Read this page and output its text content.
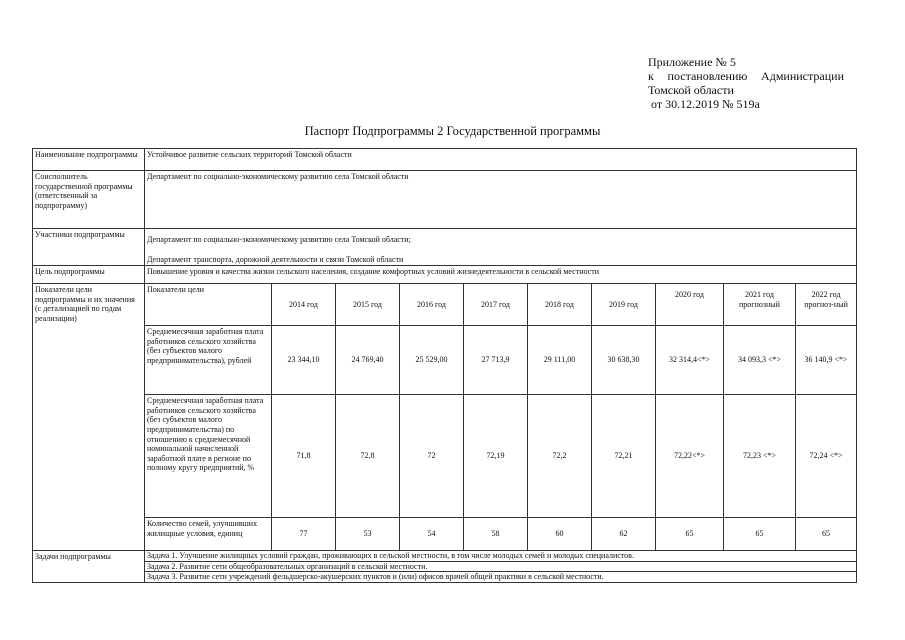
Приложение № 5
к постановлению Администрации
Томской области
от 30.12.2019 № 519а
Паспорт Подпрограммы 2 Государственной программы
Наименование подпрограммы	Устойчивое развитие сельских территорий Томской области									
Соисполнитель государственной программы (ответственный за подпрограмму)	Департамент по социально-экономическому развитию села Томской области									
Участники подпрограммы	Департамент по социально-экономическому развитию села Томской области;
Департамент транспорта, дорожной деятельности и связи Томской области									

Цель подпрограммы	Повышение уровня и качества жизни сельского населения, создание комфортных условий жизнедеятельности в сельской местности									
Показатели цели подпрограммы и их значения (с детализацией по годам реализации)	Показатели цели	2014 год	2015 год	2016 год	2017 год	2018 год	2019 год	2020 год	2021 год прогнозный	2022 год прогноз-ный
	Среднемесячная заработная плата работников сельского хозяйства (без субъектов малого предпринимательства), рублей	23 344,10	24 769,40	25 529,00	27 713,9	29 111,00	30 638,30	32 314,4<*>	34 093,3 <*>	36 140,9 <*>
	Среднемесячная заработная плата работников сельского хозяйства (без субъектов малого предпринимательства) по отношению к среднемесячной номинальной начисленной заработной плате в регионе по полному кругу предприятий, %	71,8	72,8	72	72,19	72,2	72,21	72,22<*>	72,23 <*>	72,24 <*>
	Количество семей, улучшивших жилищные условия, единиц	77	53	54	58	60	62	65	65	65
Задачи подпрограммы	Задача 1. Улучшение жилищных условий граждан, проживающих в сельской местности, в том числе молодых семей и молодых специалистов.
Задача 2. Развитие сети общеобразовательных организаций в сельской местности.
Задача 3. Развитие сети учреждений фельдшерско-акушерских пунктов и (или) офисов врачей общей практики в сельской местности.									
